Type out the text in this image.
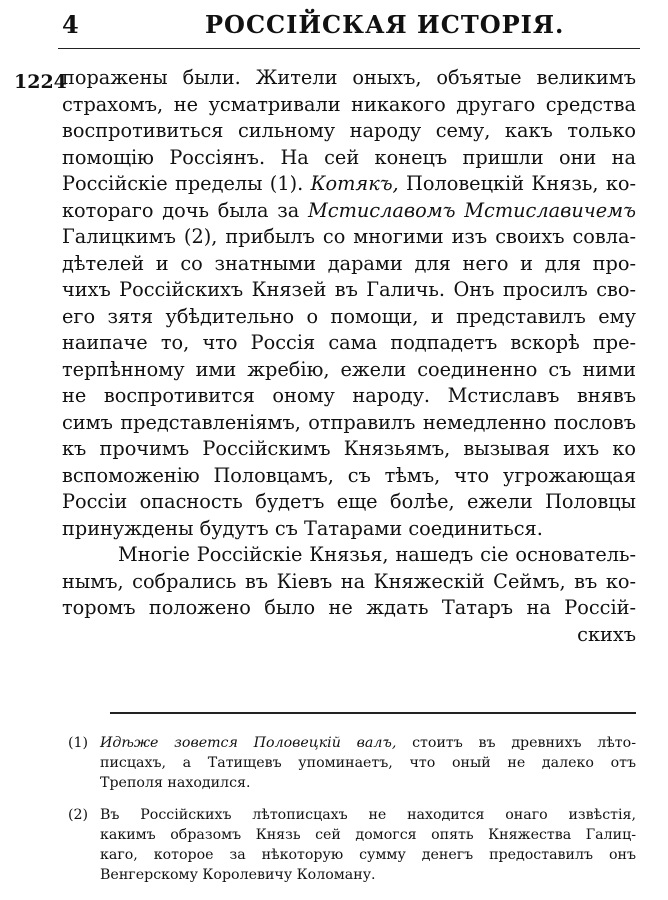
4	РОССІЙСКАЯ ИСТОРІЯ.
1224
поражены были. Жители оныхъ, объятые великимъ
страхомъ, не усматривали никакого другаго средства
воспротивиться сильному народу сему, какъ только
помощію Россіянъ. На сей конецъ пришли они на
Россійскіе пределы (1). Котякъ, Половецкій Князь, ко-
которaго дочь была за Мстиславомъ Мстиславичемъ
Галицкимъ (2), прибылъ со многими изъ своихъ совла-
дѣтелей и со знатными дарами для него и для про-
чихъ Россійскихъ Князей въ Галичь. Онъ просилъ сво-
его зятя убѣдительно о помощи, и представилъ ему
наипаче то, что Россія сама подпадетъ вскорѣ пре-
терпѣнному ими жребію, ежели соединенно съ ними
не воспротивится оному народу. Мстиславъ внявъ
симъ представленіямъ, отправилъ немедленно пословъ
къ прочимъ Россійскимъ Князьямъ, вызывая ихъ ко
вспоможенію Половцамъ, съ тѣмъ, что угрожающая
Россіи опасность будетъ еще болѣе, ежели Половцы
принуждены будутъ съ Татарами соединиться.
Многіе Россійскіе Князья, нашедъ сіе основатель-
нымъ, собрались въ Кіевъ на Княжескій Сеймъ, въ ко-
торомъ положено было не ждать Татаръ на Россій-
скихъ
(1) Идѣже зовется Половецкій валъ, стоитъ въ древнихъ лѣто-
писцахъ, а Татищевъ упоминаетъ, что оный не далеко отъ
Треполя находился.
(2) Въ Россійскихъ лѣтописцахъ не находится онаго извѣстія,
какимъ образомъ Князь сей домогся опять Княжества Галиц-
каго, которое за нѣкоторую сумму денегъ предоставилъ онъ
Венгерскому Королевичу Коломану.
